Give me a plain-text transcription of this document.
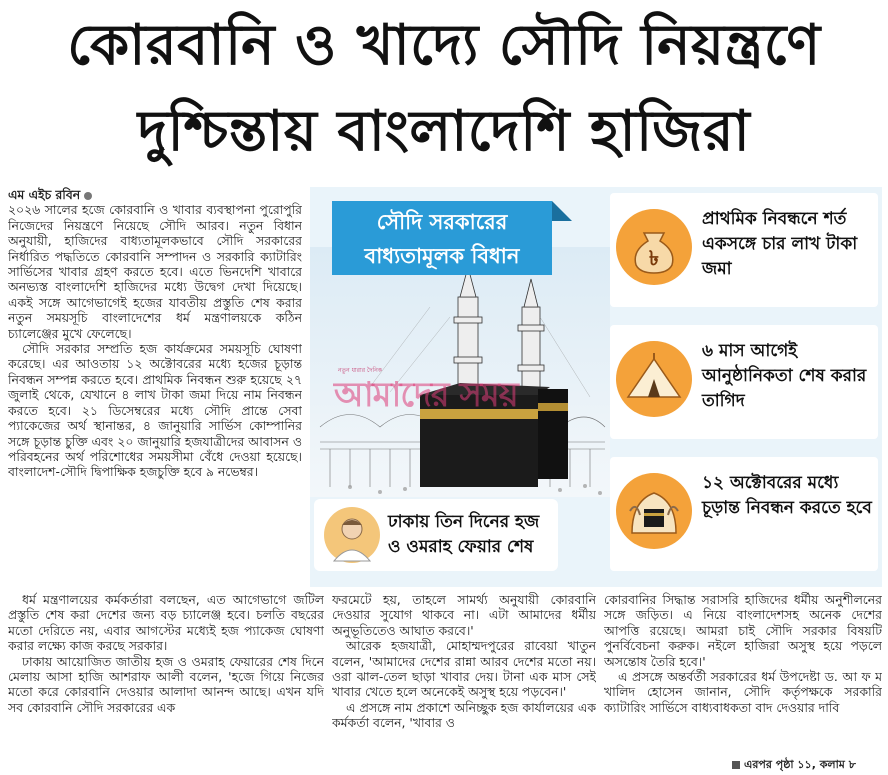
কোরবানি ও খাদ্যে সৌদি নিয়ন্ত্রণে
দুশ্চিন্তায় বাংলাদেশি হাজিরা

এম এইচ রবিন

২০২৬ সালের হজে কোরবানি ও খাবার ব্যবস্থাপনা পুরোপুরি নিজেদের নিয়ন্ত্রণে নিয়েছে সৌদি আরব। নতুন বিধান অনুযায়ী, হাজিদের বাধ্যতামূলকভাবে সৌদি সরকারের নির্ধারিত পদ্ধতিতে কোরবানি সম্পাদন ও সরকারি ক্যাটারিং সার্ভিসের খাবার গ্রহণ করতে হবে। এতে ভিনদেশি খাবারে অনভ্যস্ত বাংলাদেশি হাজিদের মধ্যে উদ্বেগ দেখা দিয়েছে। একই সঙ্গে আগেভাগেই হজের যাবতীয় প্রস্তুতি শেষ করার নতুন সময়সূচি বাংলাদেশের ধর্ম মন্ত্রণালয়কে কঠিন চ্যালেঞ্জের মুখে ফেলেছে।

সৌদি সরকার সম্প্রতি হজ কার্যক্রমের সময়সূচি ঘোষণা করেছে। এর আওতায় ১২ অক্টোবরের মধ্যে হজের চূড়ান্ত নিবন্ধন সম্পন্ন করতে হবে। প্রাথমিক নিবন্ধন শুরু হয়েছে ২৭ জুলাই থেকে, যেখানে ৪ লাখ টাকা জমা দিয়ে নাম নিবন্ধন করতে হবে। ২১ ডিসেম্বরের মধ্যে সৌদি প্রান্তে সেবা প্যাকেজের অর্থ স্থানান্তর, ৪ জানুয়ারি সার্ভিস কোম্পানির সঙ্গে চূড়ান্ত চুক্তি এবং ২০ জানুয়ারি হজযাত্রীদের আবাসন ও পরিবহনের অর্থ পরিশোধের সময়সীমা বেঁধে দেওয়া হয়েছে। বাংলাদেশ-সৌদি দ্বিপাক্ষিক হজচুক্তি হবে ৯ নভেম্বর।

সৌদি সরকারের
বাধ্যতামূলক বিধান
নতুন ধারার দৈনিক
আমাদের সময়
ঢাকায় তিন দিনের হজ
ও ওমরাহ ফেয়ার শেষ
৳
প্রাথমিক নিবন্ধনে শর্ত একসঙ্গে চার লাখ টাকা জমা
৬ মাস আগেই আনুষ্ঠানিকতা শেষ করার তাগিদ
১২ অক্টোবরের মধ্যে চূড়ান্ত নিবন্ধন করতে হবে

ধর্ম মন্ত্রণালয়ের কর্মকর্তারা বলছেন, এত আগেভাগে জটিল প্রস্তুতি শেষ করা দেশের জন্য বড় চ্যালেঞ্জ হবে। চলতি বছরের মতো দেরিতে নয়, এবার আগস্টের মধ্যেই হজ প্যাকেজ ঘোষণা করার লক্ষ্যে কাজ করছে সরকার।

ঢাকায় আয়োজিত জাতীয় হজ ও ওমরাহ ফেয়ারের শেষ দিনে মেলায় আসা হাজি আশরাফ আলী বলেন, 'হজে গিয়ে নিজের মতো করে কোরবানি দেওয়ার আলাদা আনন্দ আছে। এখন যদি সব কোরবানি সৌদি সরকারের এক

ফরমেটে হয়, তাহলে সামর্থ্য অনুযায়ী কোরবানি দেওয়ার সুযোগ থাকবে না। এটা আমাদের ধর্মীয় অনুভূতিতেও আঘাত করবে।'

আরেক হজযাত্রী, মোহাম্মদপুরের রাবেয়া খাতুন বলেন, 'আমাদের দেশের রান্না আরব দেশের মতো নয়। ওরা ঝাল-তেল ছাড়া খাবার দেয়। টানা এক মাস সেই খাবার খেতে হলে অনেকেই অসুস্থ হয়ে পড়বেন।'

এ প্রসঙ্গে নাম প্রকাশে অনিচ্ছুক হজ কার্যালয়ের এক কর্মকর্তা বলেন, 'খাবার ও

কোরবানির সিদ্ধান্ত সরাসরি হাজিদের ধর্মীয় অনুশীলনের সঙ্গে জড়িত। এ নিয়ে বাংলাদেশসহ অনেক দেশের আপত্তি রয়েছে। আমরা চাই সৌদি সরকার বিষয়টি পুনর্বিবেচনা করুক। নইলে হাজিরা অসুস্থ হয়ে পড়লে অসন্তোষ তৈরি হবে।'

এ প্রসঙ্গে অন্তর্বর্তী সরকারের ধর্ম উপদেষ্টা ড. আ ফ ম খালিদ হোসেন জানান, সৌদি কর্তৃপক্ষকে সরকারি ক্যাটারিং সার্ভিসে বাধ্যবাধকতা বাদ দেওয়ার দাবি

এরপর পৃষ্ঠা ১১, কলাম ৮
